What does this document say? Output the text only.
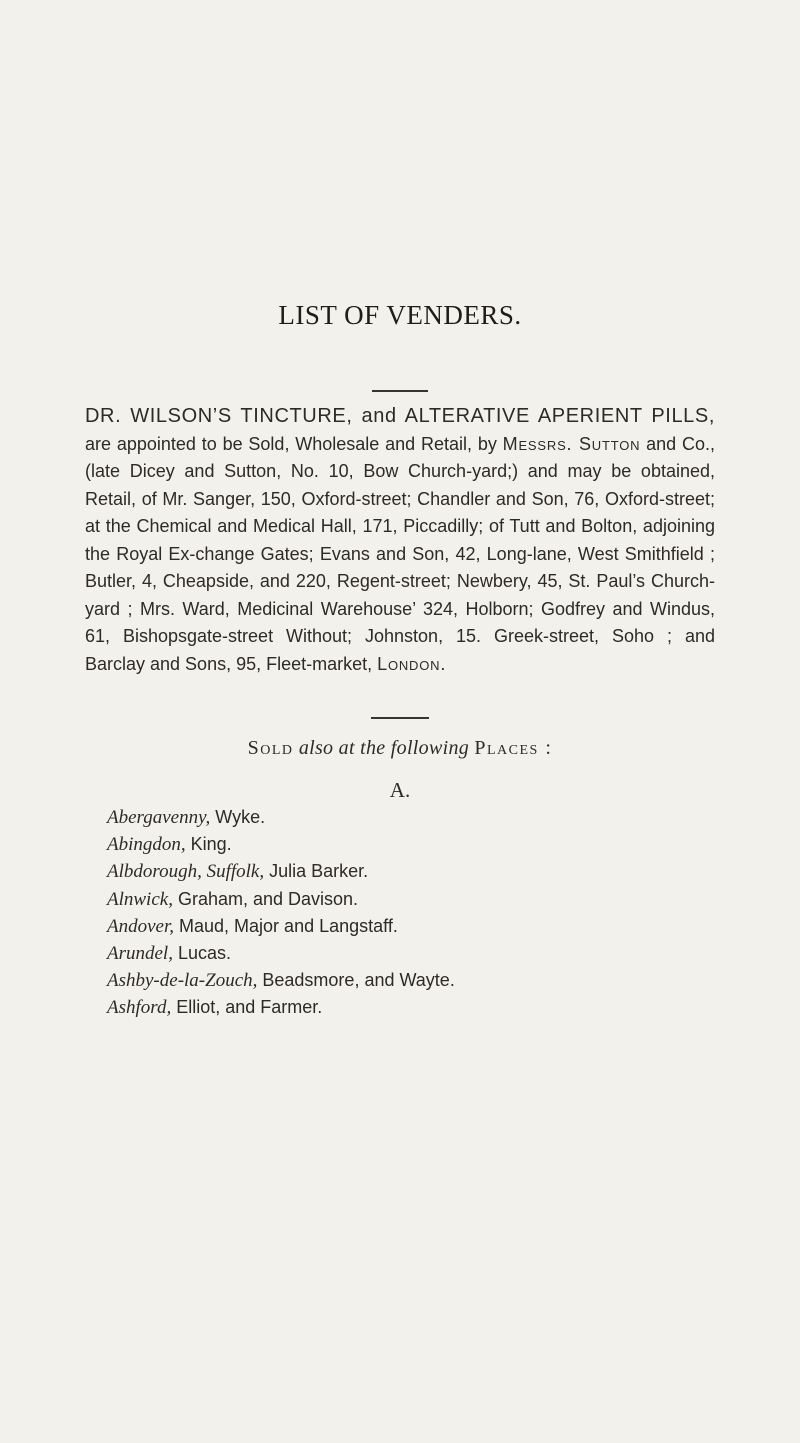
LIST OF VENDERS.

DR. WILSON’S TINCTURE, and ALTERATIVE APERIENT PILLS, are appointed to be Sold, Wholesale and Retail, by Messrs. Sutton and Co., (late Dicey and Sutton, No. 10, Bow Church-yard;) and may be obtained, Retail, of Mr. Sanger, 150, Oxford-street; Chandler and Son, 76, Oxford-street; at the Chemical and Medical Hall, 171, Piccadilly; of Tutt and Bolton, adjoining the Royal Ex-change Gates; Evans and Son, 42, Long-lane, West Smithfield ; Butler, 4, Cheapside, and 220, Regent-street; Newbery, 45, St. Paul’s Church-yard ; Mrs. Ward, Medicinal Warehouse’ 324, Holborn; Godfrey and Windus, 61, Bishopsgate-street Without; Johnston, 15. Greek-street, Soho ; and Barclay and Sons, 95, Fleet-market, London.

Sold also at the following Places :
A.
Abergavenny, Wyke.
Abingdon, King.
Albdorough, Suffolk, Julia Barker.
Alnwick, Graham, and Davison.
Andover, Maud, Major and Langstaff.
Arundel, Lucas.
Ashby-de-la-Zouch, Beadsmore, and Wayte.
Ashford, Elliot, and Farmer.
